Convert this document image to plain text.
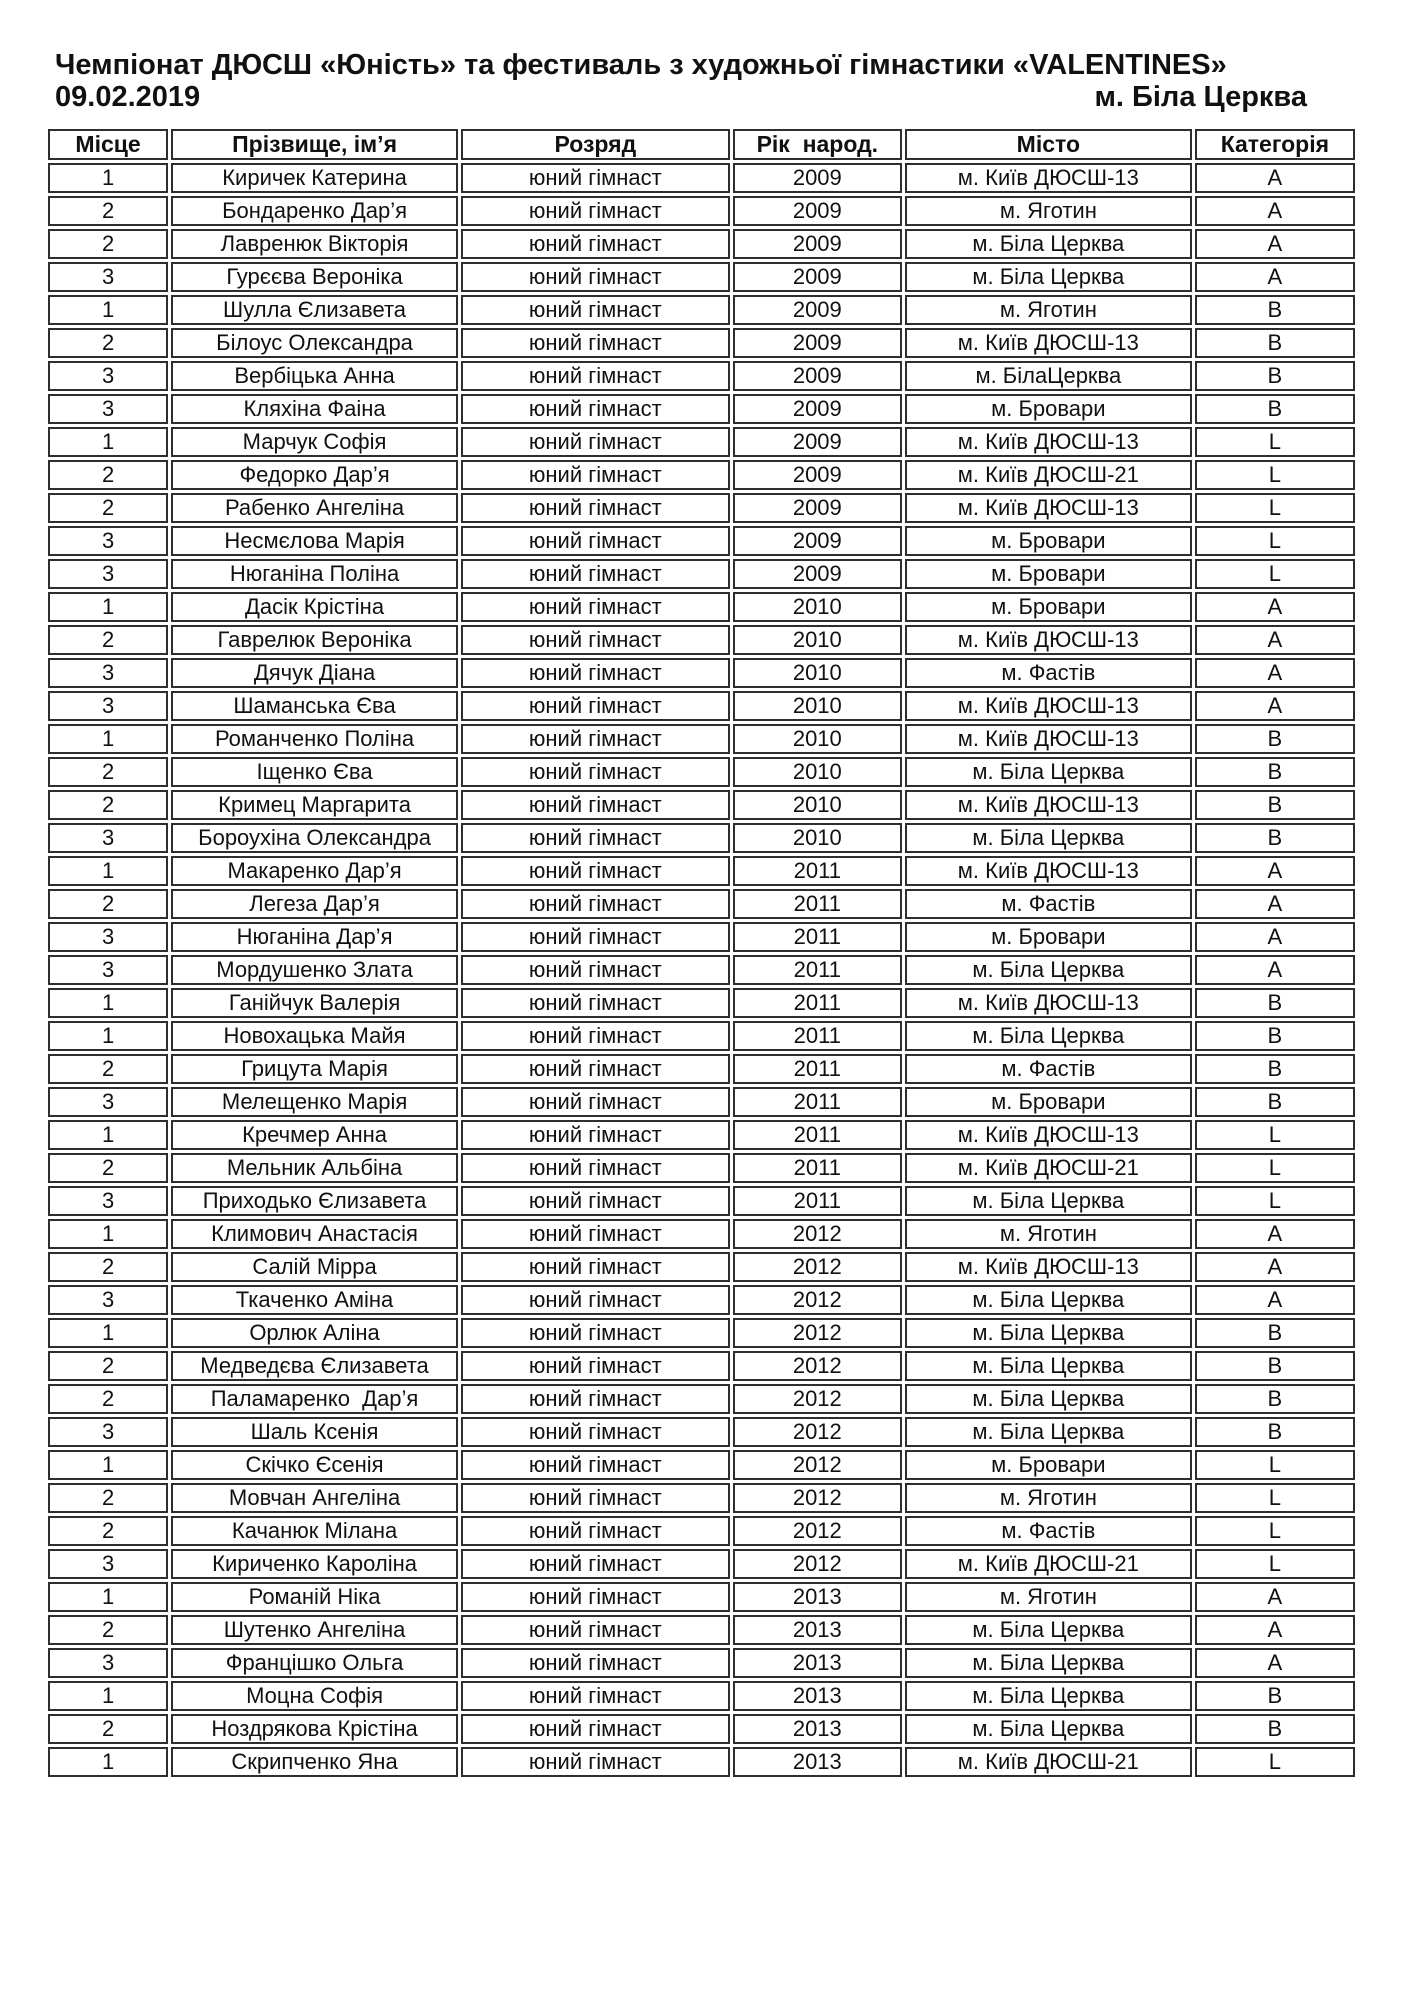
Чемпіонат ДЮСШ «Юність» та фестиваль з художньої гімнастики «VALENTINES»
09.02.2019	м. Біла Церква
Місце	Прізвище, ім’я	Розряд	Рік  народ.	Місто	Категорія
1	Киричек Катерина	юний гімнаст	2009	м. Київ ДЮСШ-13	А
2	Бондаренко Дар’я	юний гімнаст	2009	м. Яготин	А
2	Лавренюк Вікторія	юний гімнаст	2009	м. Біла Церква	А
3	Гурєєва Вероніка	юний гімнаст	2009	м. Біла Церква	А
1	Шулла Єлизавета	юний гімнаст	2009	м. Яготин	В
2	Білоус Олександра	юний гімнаст	2009	м. Київ ДЮСШ-13	В
3	Вербіцька Анна	юний гімнаст	2009	м. БілаЦерква	В
3	Кляхіна Фаіна	юний гімнаст	2009	м. Бровари	В
1	Марчук Софія	юний гімнаст	2009	м. Київ ДЮСШ-13	L
2	Федорко Дар’я	юний гімнаст	2009	м. Київ ДЮСШ-21	L
2	Рабенко Ангеліна	юний гімнаст	2009	м. Київ ДЮСШ-13	L
3	Несмєлова Марія	юний гімнаст	2009	м. Бровари	L
3	Нюганіна Поліна	юний гімнаст	2009	м. Бровари	L
1	Дасік Крістіна	юний гімнаст	2010	м. Бровари	А
2	Гаврелюк Вероніка	юний гімнаст	2010	м. Київ ДЮСШ-13	А
3	Дячук Діана	юний гімнаст	2010	м. Фастів	А
3	Шаманська Єва	юний гімнаст	2010	м. Київ ДЮСШ-13	А
1	Романченко Поліна	юний гімнаст	2010	м. Київ ДЮСШ-13	В
2	Іщенко Єва	юний гімнаст	2010	м. Біла Церква	В
2	Кримец Маргарита	юний гімнаст	2010	м. Київ ДЮСШ-13	В
3	Бороухіна Олександра	юний гімнаст	2010	м. Біла Церква	В
1	Макаренко Дар’я	юний гімнаст	2011	м. Київ ДЮСШ-13	А
2	Легеза Дар’я	юний гімнаст	2011	м. Фастів	А
3	Нюганіна Дар’я	юний гімнаст	2011	м. Бровари	А
3	Мордушенко Злата	юний гімнаст	2011	м. Біла Церква	А
1	Ганійчук Валерія	юний гімнаст	2011	м. Київ ДЮСШ-13	В
1	Новохацька Майя	юний гімнаст	2011	м. Біла Церква	В
2	Грицута Марія	юний гімнаст	2011	м. Фастів	В
3	Мелещенко Марія	юний гімнаст	2011	м. Бровари	В
1	Кречмер Анна	юний гімнаст	2011	м. Київ ДЮСШ-13	L
2	Мельник Альбіна	юний гімнаст	2011	м. Київ ДЮСШ-21	L
3	Приходько Єлизавета	юний гімнаст	2011	м. Біла Церква	L
1	Климович Анастасія	юний гімнаст	2012	м. Яготин	А
2	Салій Мірра	юний гімнаст	2012	м. Київ ДЮСШ-13	А
3	Ткаченко Аміна	юний гімнаст	2012	м. Біла Церква	А
1	Орлюк Аліна	юний гімнаст	2012	м. Біла Церква	В
2	Медведєва Єлизавета	юний гімнаст	2012	м. Біла Церква	В
2	Паламаренко  Дар’я	юний гімнаст	2012	м. Біла Церква	В
3	Шаль Ксенія	юний гімнаст	2012	м. Біла Церква	В
1	Скічко Єсенія	юний гімнаст	2012	м. Бровари	L
2	Мовчан Ангеліна	юний гімнаст	2012	м. Яготин	L
2	Качанюк Мілана	юний гімнаст	2012	м. Фастів	L
3	Кириченко Кароліна	юний гімнаст	2012	м. Київ ДЮСШ-21	L
1	Романій Ніка	юний гімнаст	2013	м. Яготин	А
2	Шутенко Ангеліна	юний гімнаст	2013	м. Біла Церква	А
3	Францішко Ольга	юний гімнаст	2013	м. Біла Церква	А
1	Моцна Софія	юний гімнаст	2013	м. Біла Церква	В
2	Ноздрякова Крістіна	юний гімнаст	2013	м. Біла Церква	В
1	Скрипченко Яна	юний гімнаст	2013	м. Київ ДЮСШ-21	L
